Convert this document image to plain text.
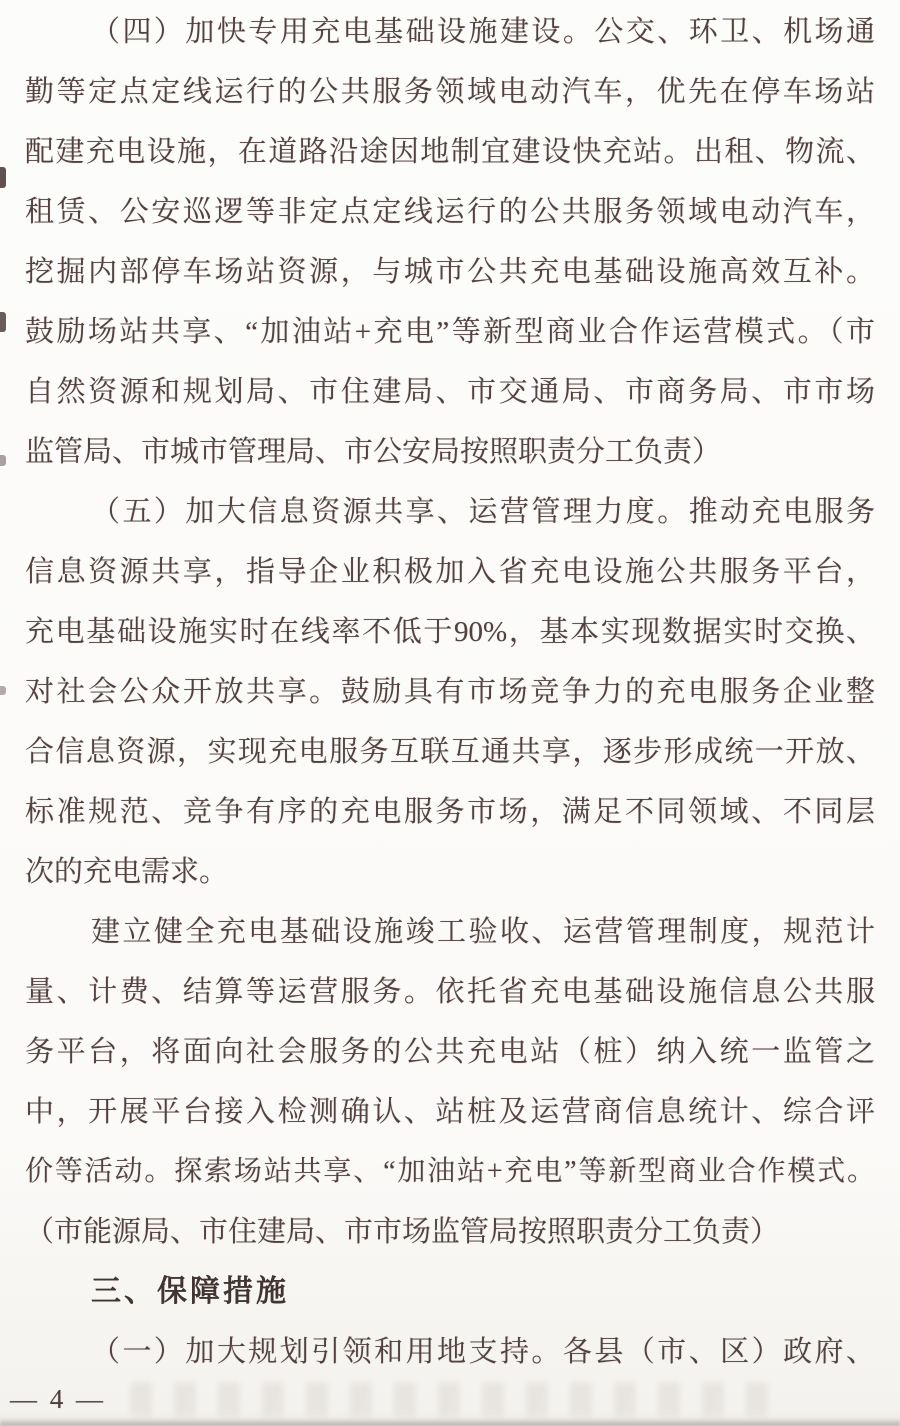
（四）加快专用充电基础设施建设。公交、环卫、机场通
勤等定点定线运行的公共服务领域电动汽车，优先在停车场站
配建充电设施，在道路沿途因地制宜建设快充站。出租、物流、
租赁、公安巡逻等非定点定线运行的公共服务领域电动汽车，
挖掘内部停车场站资源，与城市公共充电基础设施高效互补。
鼓励场站共享、“加油站+充电”等新型商业合作运营模式。（市
自然资源和规划局、市住建局、市交通局、市商务局、市市场
监管局、市城市管理局、市公安局按照职责分工负责）
（五）加大信息资源共享、运营管理力度。推动充电服务
信息资源共享，指导企业积极加入省充电设施公共服务平台，
充电基础设施实时在线率不低于90%，基本实现数据实时交换、
对社会公众开放共享。鼓励具有市场竞争力的充电服务企业整
合信息资源，实现充电服务互联互通共享，逐步形成统一开放、
标准规范、竞争有序的充电服务市场，满足不同领域、不同层
次的充电需求。
建立健全充电基础设施竣工验收、运营管理制度，规范计
量、计费、结算等运营服务。依托省充电基础设施信息公共服
务平台，将面向社会服务的公共充电站（桩）纳入统一监管之
中，开展平台接入检测确认、站桩及运营商信息统计、综合评
价等活动。探索场站共享、“加油站+充电”等新型商业合作模式。
（市能源局、市住建局、市市场监管局按照职责分工负责）
三、保障措施
（一）加大规划引领和用地支持。各县（市、区）政府、
— 4 —
